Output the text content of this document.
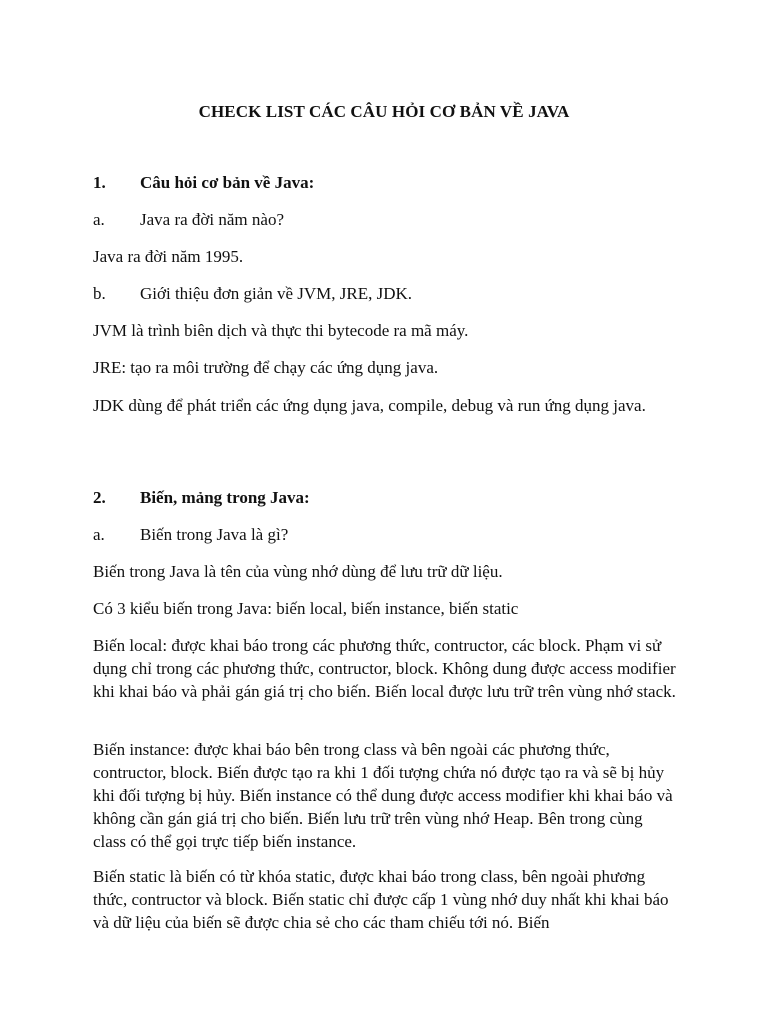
CHECK LIST CÁC CÂU HỎI CƠ BẢN VỀ JAVA
1. Câu hỏi cơ bản về Java:
a. Java ra đời năm nào?
Java ra đời năm 1995.
b. Giới thiệu đơn giản về JVM, JRE, JDK.
JVM là trình biên dịch và thực thi bytecode ra mã máy.
JRE: tạo ra môi trường để chạy các ứng dụng java.
JDK dùng để phát triển các ứng dụng java, compile, debug và run ứng dụng java.
2. Biến, mảng trong Java:
a. Biến trong Java là gì?
Biến trong Java là tên của vùng nhớ dùng để lưu trữ dữ liệu.
Có 3 kiểu biến trong Java: biến local, biến instance, biến static
Biến local: được khai báo trong các phương thức, contructor, các block. Phạm vi sử dụng chỉ trong các phương thức, contructor, block. Không dung được access modifier khi khai báo và phải gán giá trị cho biến. Biến local được lưu trữ trên vùng nhớ stack.
Biến instance: được khai báo bên trong class và bên ngoài các phương thức, contructor, block. Biến được tạo ra khi 1 đối tượng chứa nó được tạo ra và sẽ bị hủy khi đối tượng bị hủy. Biến instance có thể dung được access modifier khi khai báo và không cần gán giá trị cho biến. Biến lưu trữ trên vùng nhớ Heap. Bên trong cùng class có thể gọi trực tiếp biến instance.
Biến static là biến có từ khóa static, được khai báo trong class, bên ngoài phương thức, contructor và block. Biến static chỉ được cấp 1 vùng nhớ duy nhất khi khai báo và dữ liệu của biến sẽ được chia sẻ cho các tham chiếu tới nó. Biến
